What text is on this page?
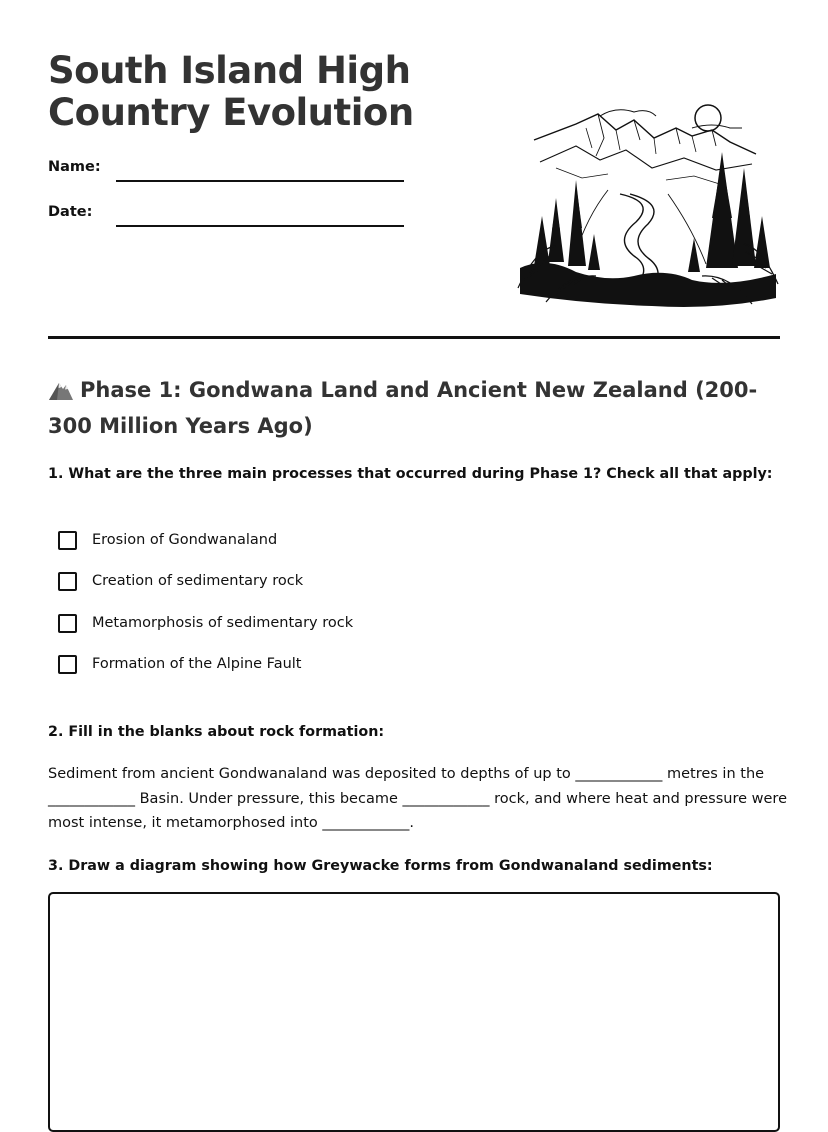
South Island High
Country Evolution
Name:
Date:
Phase 1: Gondwana Land and Ancient New Zealand (200-300 Million Years Ago)
1. What are the three main processes that occurred during Phase 1? Check all that apply:
Erosion of Gondwanaland
Creation of sedimentary rock
Metamorphosis of sedimentary rock
Formation of the Alpine Fault
2. Fill in the blanks about rock formation:

Sediment from ancient Gondwanaland was deposited to depths of up to ____________ metres in the ____________ Basin. Under pressure, this became ____________ rock, and where heat and pressure were most intense, it metamorphosed into ____________.

3. Draw a diagram showing how Greywacke forms from Gondwanaland sediments:
